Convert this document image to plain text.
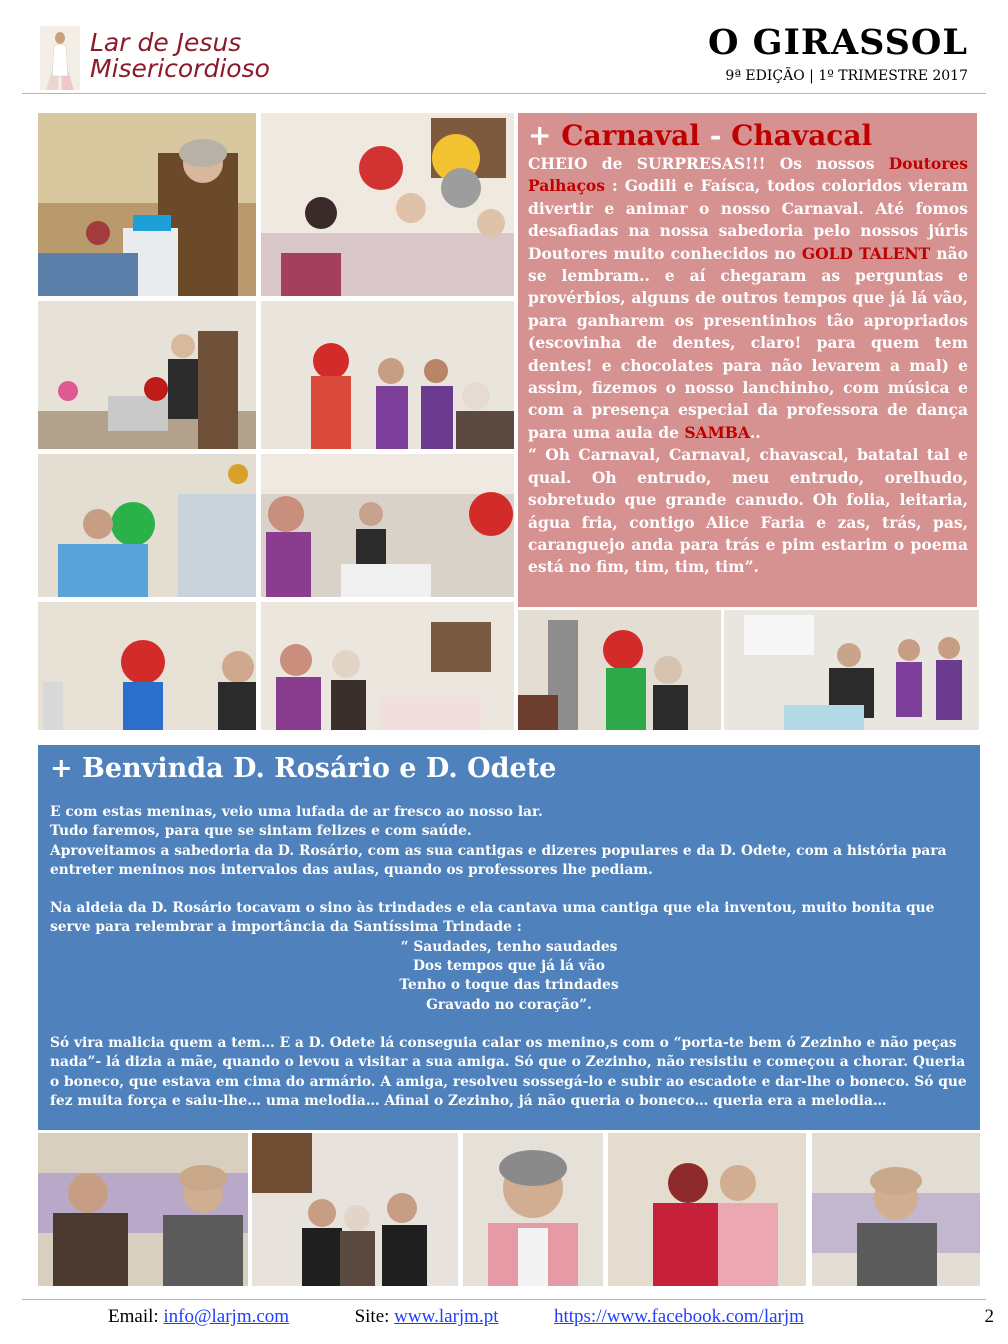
Lar de Jesus
Misericordioso
O GIRASSOL
9ª EDIÇÃO | 1º TRIMESTRE 2017
+ Carnaval - Chavacal

CHEIO de SURPRESAS!!! Os nossos Doutores Palhaços : Godili e Faísca, todos coloridos vieram divertir e animar o nosso Carnaval. Até fomos desafiadas na nossa sabedoria pelo nossos júris Doutores muito conhecidos no GOLD TALENT não se lembram.. e aí chegaram as perguntas e provérbios, alguns de outros tempos que já lá vão, para ganharem os presentinhos tão apropriados (escovinha de dentes, claro! para quem tem dentes! e chocolates para não levarem a mal) e assim, fizemos o nosso lanchinho, com música e com a presença especial da professora de dança para uma aula de SAMBA..

“ Oh Carnaval, Carnaval, chavascal, batatal tal e qual. Oh entrudo, meu entrudo, orelhudo, sobretudo que grande canudo. Oh folia, leitaria, água fria, contigo Alice Faria e zas, trás, pas, caranguejo anda para trás e pim estarim o poema está no fim, tim, tim, tim”.

+ Benvinda D. Rosário e D. Odete

E com estas meninas, veio uma lufada de ar fresco ao nosso lar.

Tudo faremos, para que se sintam felizes e com saúde.

Aproveitamos a sabedoria da D. Rosário, com as sua cantigas e dizeres populares e da D. Odete, com a história para entreter meninos nos intervalos das aulas, quando os professores lhe pediam.

Na aldeia da D. Rosário tocavam o sino às trindades e ela cantava uma cantiga que ela inventou, muito bonita que serve para relembrar a importância da Santíssima Trindade :

“ Saudades, tenho saudades

Dos tempos que já lá vão

Tenho o toque das trindades

Gravado no coração”.

Só vira malicia quem a tem… E a D. Odete lá conseguia calar os menino,s com o “porta-te bem ó Zezinho e não peças nada”- lá dizia a mãe, quando o levou a visitar a sua amiga. Só que o Zezinho, não resistiu e começou a chorar. Queria o boneco, que estava em cima do armário. A amiga, resolveu sossegá-lo e subir ao escadote e dar-lhe o boneco. Só que fez muita força e saiu-lhe… uma melodia… Afinal o Zezinho, já não queria o boneco… queria era a melodia…

Email: info@larjm.com	Site: www.larjm.pt	https://www.facebook.com/larjm	2
